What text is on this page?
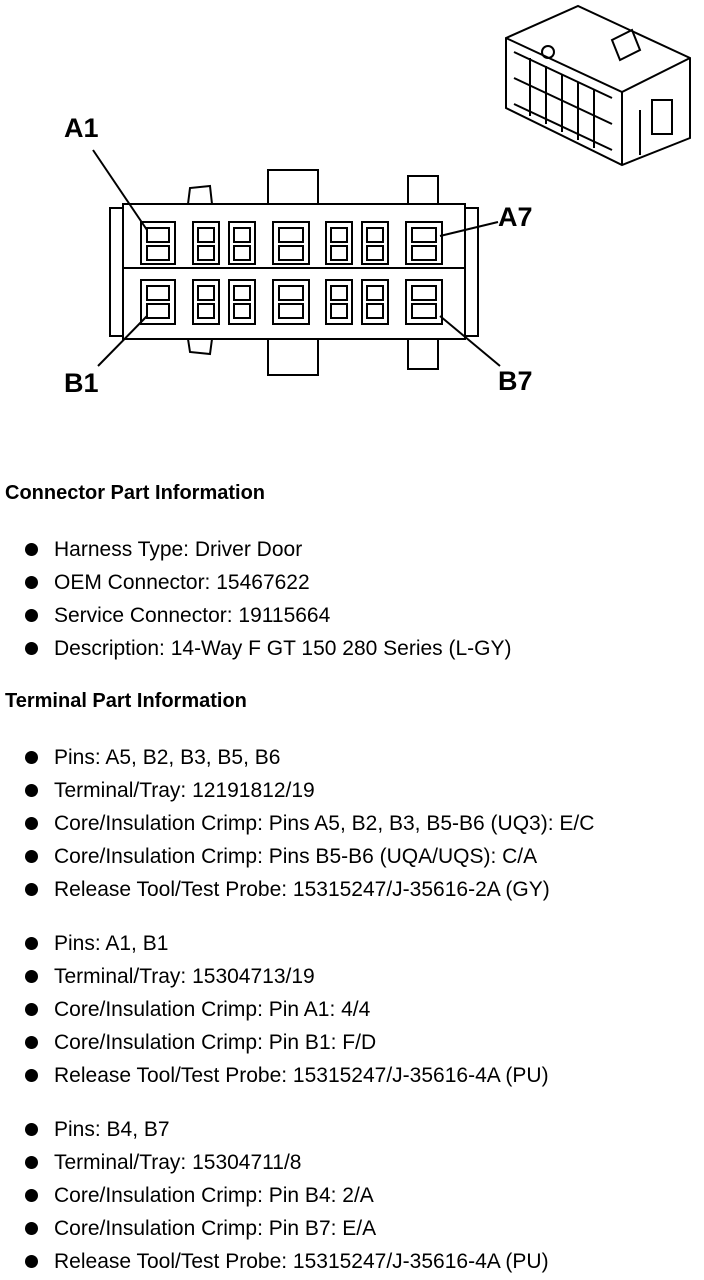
A1
A7
B1	B7
Connector Part Information
Harness Type: Driver Door
OEM Connector: 15467622
Service Connector: 19115664
Description: 14-Way F GT 150 280 Series (L-GY)
Terminal Part Information
Pins: A5, B2, B3, B5, B6
Terminal/Tray: 12191812/19
Core/Insulation Crimp: Pins A5, B2, B3, B5-B6 (UQ3): E/C
Core/Insulation Crimp: Pins B5-B6 (UQA/UQS): C/A
Release Tool/Test Probe: 15315247/J-35616-2A (GY)
Pins: A1, B1
Terminal/Tray: 15304713/19
Core/Insulation Crimp: Pin A1: 4/4
Core/Insulation Crimp: Pin B1: F/D
Release Tool/Test Probe: 15315247/J-35616-4A (PU)
Pins: B4, B7
Terminal/Tray: 15304711/8
Core/Insulation Crimp: Pin B4: 2/A
Core/Insulation Crimp: Pin B7: E/A
Release Tool/Test Probe: 15315247/J-35616-4A (PU)
